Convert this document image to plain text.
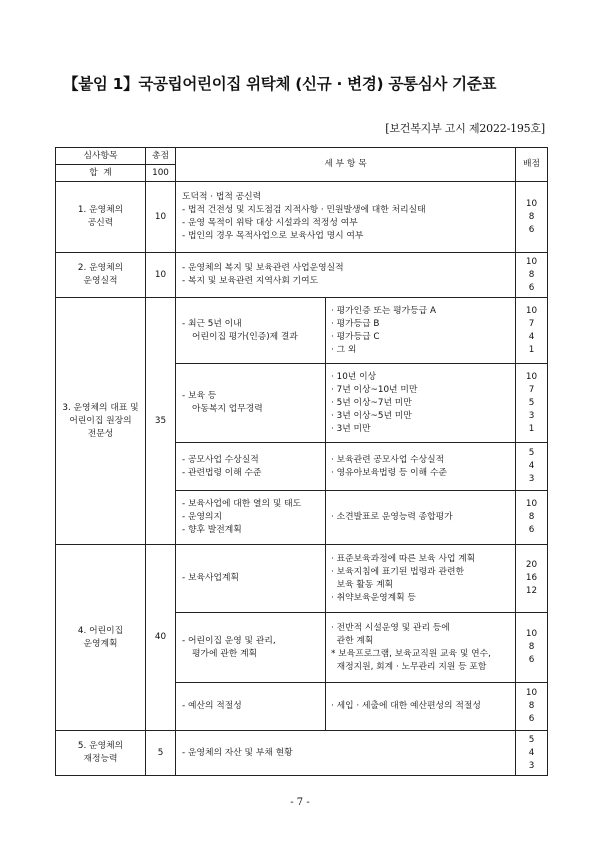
【붙임 1】국공립어린이집 위탁체 (신규 · 변경) 공통심사 기준표
[보건복지부 고시 제2022-195호]
심사항목	총점	세 부 항 목		배점
합  계	100			

1. 운영체의
공신력	10	도덕적 · 법적 공신력
- 법적 건전성 및 지도점검 지적사항 · 민원발생에 대한 처리실태
- 운영 목적이 위탁 대상 시설과의 적정성 여부
- 법인의 경우 목적사업으로 보육사업 명시 여부		10
8
6

2. 운영체의
운영실적	10	- 운영체의 복지 및 보육관련 사업운영실적
- 복지 및 보육관련 지역사회 기여도		10
8
6

3. 운영체의 대표 및
어린이집 원장의
전문성	35	- 최근 5년 이내
어린이집 평가(인증)제 결과	· 평가인증 또는 평가등급 A
· 평가등급 B
· 평가등급 C
· 그 외	10
7
4
1

		- 보육 등
아동복지 업무경력	· 10년 이상
· 7년 이상~10년 미만
· 5년 이상~7년 미만
· 3년 이상~5년 미만
· 3년 미만	10
7
5
3
1

		- 공모사업 수상실적
- 관련법령 이해 수준	· 보육관련 공모사업 수상실적
· 영유아보육법령 등 이해 수준	5
4
3

		- 보육사업에 대한 열의 및 태도
- 운영의지
- 향후 발전계획	· 소견발표로 운영능력 종합평가	10
8
6

4. 어린이집
운영계획	40	- 보육사업계획	· 표준보육과정에 따른 보육 사업 계획
· 보육지침에 표기된 법령과 관련한
보육 활동 계획
· 취약보육운영계획 등	20
16
12

		- 어린이집 운영 및 관리,
평가에 관한 계획	· 전반적 시설운영 및 관리 등에
관한 계획
* 보육프로그램, 보육교직원 교육 및 연수,
재정지원, 회계 · 노무관리 지원 등 포함	10
8
6

		- 예산의 적절성	· 세입 · 세출에 대한 예산편성의 적절성	10
8
6

5. 운영체의
재정능력	5	- 운영체의 자산 및 부채 현황		5
4
3
- 7 -
